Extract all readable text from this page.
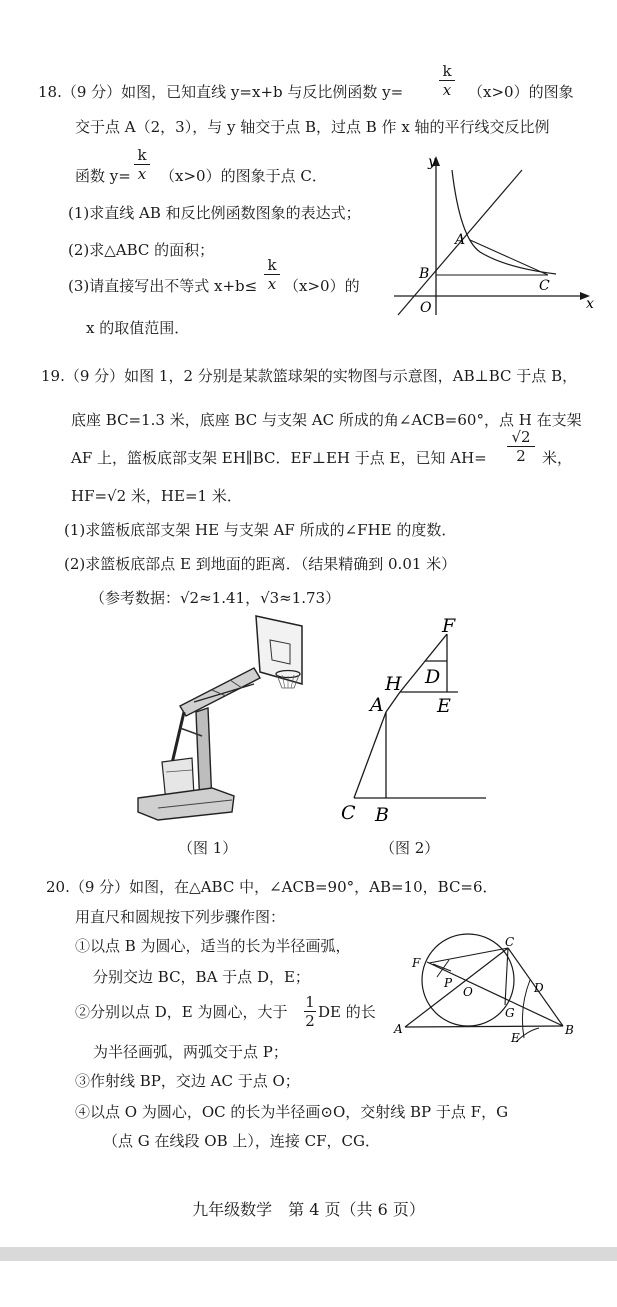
18.（9 分）如图，已知直线 y=x+b 与反比例函数 $y= \frac{k}{x} (x>0)$的图象
交于点 A（2，3），与 y 轴交于点 B，过点 B 作 x 轴的平行线交反比例
函数 $y= \frac{k}{x} (x>0)$的图象于点 C．
(1)求直线 AB 和反比例函数图象的表达式；
(2)求△ABC 的面积；
(3)请直接写出不等式 $x+b\le \frac{k}{x} (x>0)$的
x 的取值范围．
y
x
A
B
C
O
19.（9 分）如图 1，2 分别是某款篮球架的实物图与示意图，AB⊥BC 于点 B，
底座 BC=1.3 米，底座 BC 与支架 AC 所成的角∠ACB=60°，点 H 在支架
AF 上，篮板底部支架 EH∥BC．EF⊥EH 于点 E，已知 $AH= \frac{√2}{2}$ 米，
HF=√2 米，HE=1 米．
(1)求篮板底部支架 HE 与支架 AF 所成的∠FHE 的度数．
(2)求篮板底部点 E 到地面的距离．（结果精确到 0.01 米）
（参考数据：√2≈1.41，√3≈1.73）
（图 1）
F
H D
A	E
C B
（图 2）
20.（9 分）如图，在△ABC 中，∠ACB=90°，AB=10，BC=6．
用直尺和圆规按下列步骤作图：
①以点 B 为圆心，适当的长为半径画弧，
分别交边 BC，BA 于点 D，E；
②分别以点 D，E 为圆心，大于 $\frac{1}{2}$ DE 的长
为半径画弧，两弧交于点 P；
③作射线 BP，交边 AC 于点 O；
④以点 O 为圆心，OC 的长为半径画⊙O，交射线 BP 于点 F，G
（点 G 在线段 OB 上），连接 CF，CG．
C
F
P
O	D
G
A
E
B
九年级数学　第 4 页（共 6 页）
